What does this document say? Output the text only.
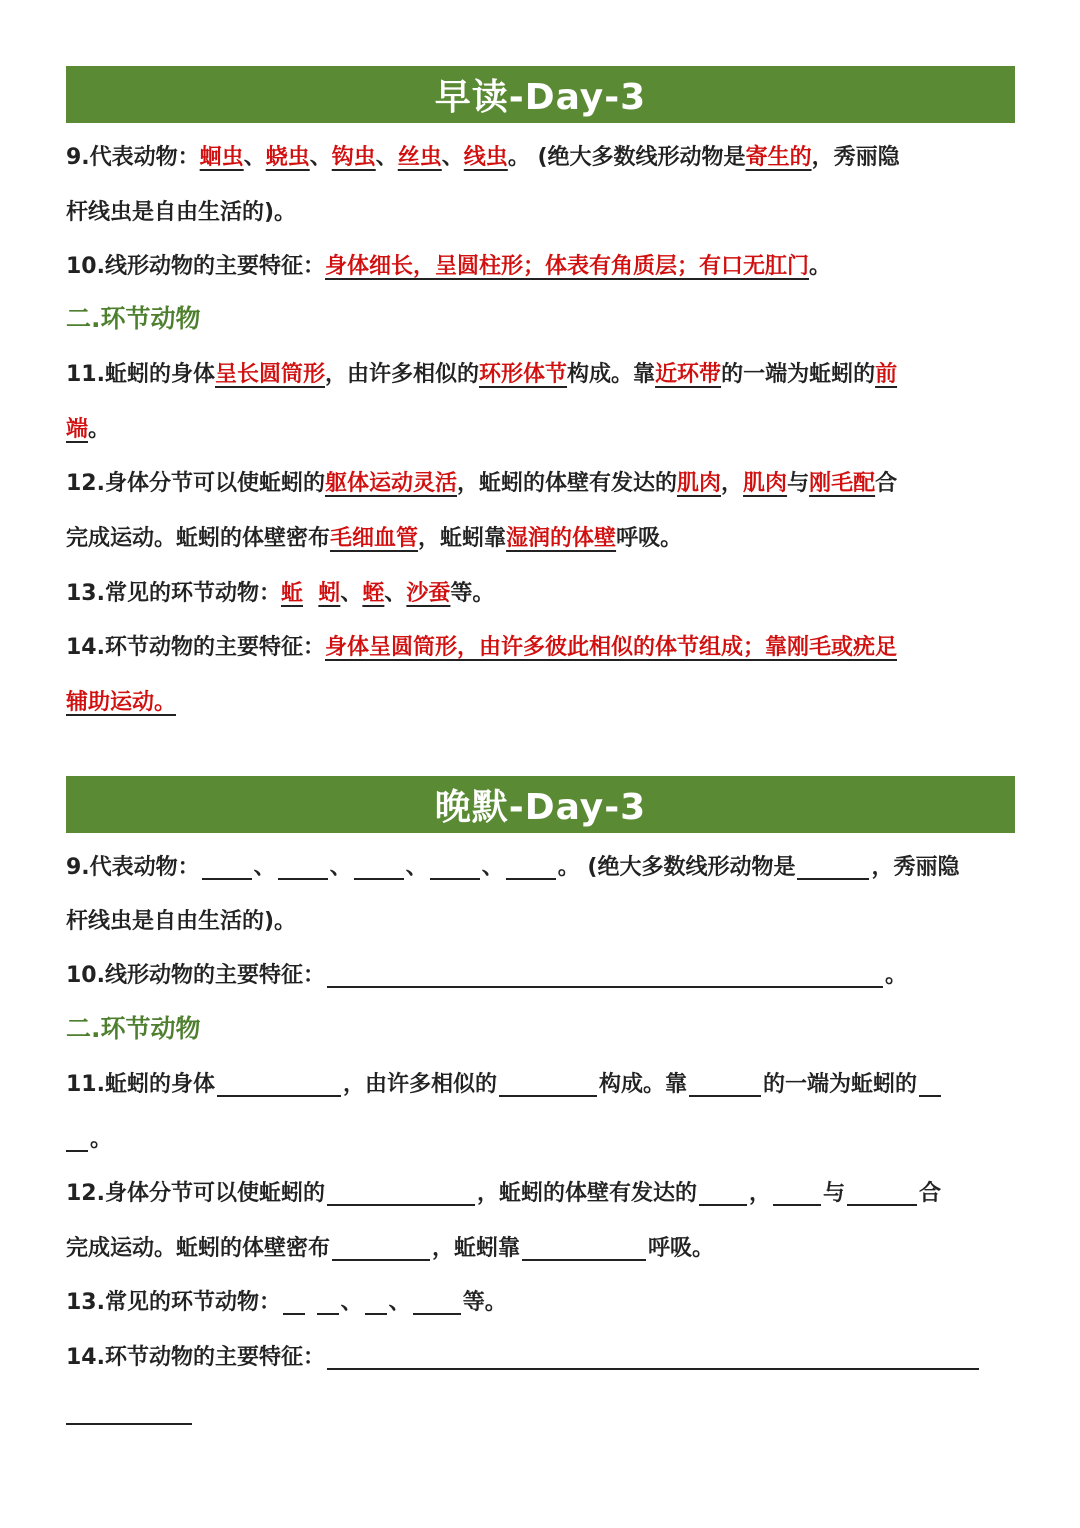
早读-Day-3
9.代表动物：蛔虫、蛲虫、钩虫、丝虫、线虫。 (绝大多数线形动物是寄生的，秀丽隐
杆线虫是自由生活的)。
10.线形动物的主要特征：身体细长，呈圆柱形；体表有角质层；有口无肛门。
二.环节动物
11.蚯蚓的身体呈长圆筒形，由许多相似的环形体节构成。靠近环带的一端为蚯蚓的前
端。
12.身体分节可以使蚯蚓的躯体运动灵活，蚯蚓的体壁有发达的肌肉，肌肉与刚毛配合
完成运动。蚯蚓的体壁密布毛细血管，蚯蚓靠湿润的体壁呼吸。
13.常见的环节动物：蚯 蚓、蛭、沙蚕等。
14.环节动物的主要特征：身体呈圆筒形，由许多彼此相似的体节组成；靠刚毛或疣足
辅助运动。
晚默-Day-3
9.代表动物： 、 、 、 、 。 (绝大多数线形动物是	，秀丽隐
杆线虫是自由生活的)。
10.线形动物的主要特征：	。
二.环节动物
11.蚯蚓的身体	，由许多相似的	构成。靠	的一端为蚯蚓的
。
12.身体分节可以使蚯蚓的	，蚯蚓的体壁有发达的 ， 与	合
完成运动。蚯蚓的体壁密布	，蚯蚓靠	呼吸。
13.常见的环节动物：	、 、 等。
14.环节动物的主要特征：
